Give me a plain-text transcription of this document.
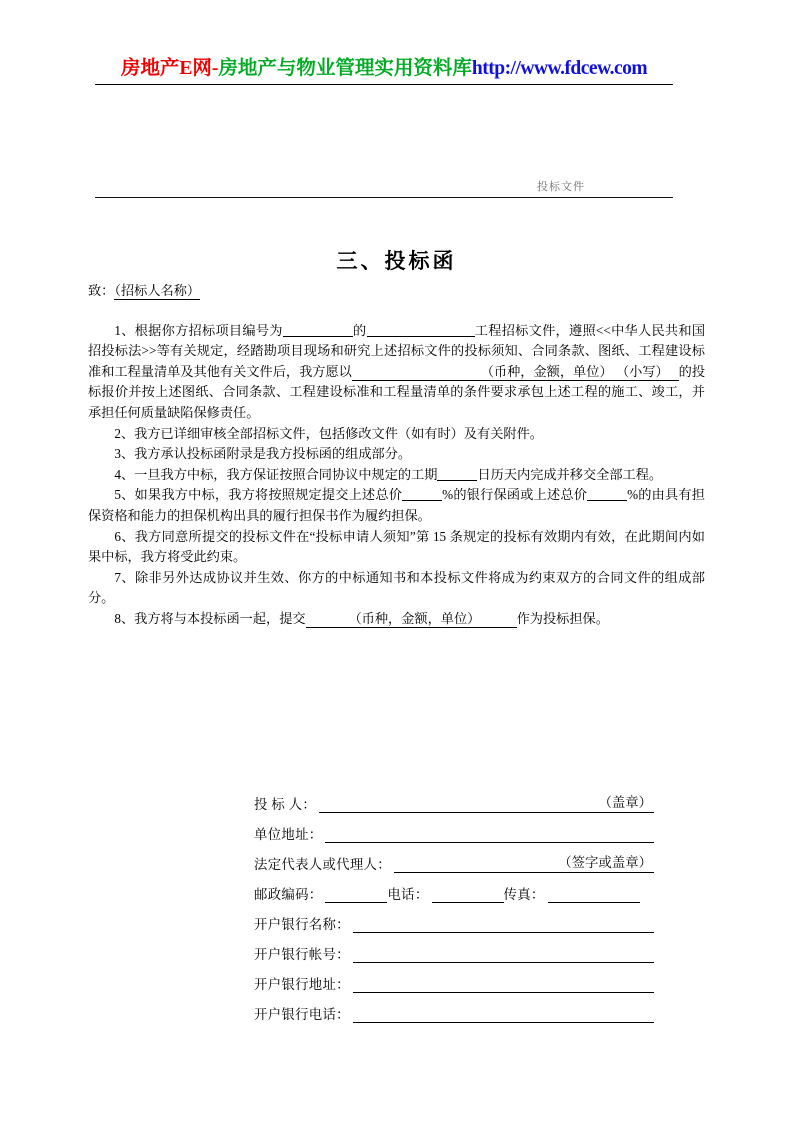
房地产E网-房地产与物业管理实用资料库http://www.fdcew.com
投标文件
三、投标函

致：（招标人名称）

1、根据你方招标项目编号为	的	工程招标文件，遵照<<中华人民共和国招投标法>>等有关规定，经踏勘项目现场和研究上述招标文件的投标须知、合同条款、图纸、工程建设标准和工程量清单及其他有关文件后，我方愿以	（币种，金额，单位） （小写） 的投标报价并按上述图纸、合同条款、工程建设标准和工程量清单的条件要求承包上述工程的施工、竣工，并承担任何质量缺陷保修责任。

2、我方已详细审核全部招标文件，包括修改文件（如有时）及有关附件。

3、我方承认投标函附录是我方投标函的组成部分。

4、一旦我方中标，我方保证按照合同协议中规定的工期	日历天内完成并移交全部工程。

5、如果我方中标，我方将按照规定提交上述总价	%的银行保函或上述总价	%的由具有担保资格和能力的担保机构出具的履行担保书作为履约担保。

6、我方同意所提交的投标文件在“投标申请人须知”第 15 条规定的投标有效期内有效，在此期间内如果中标，我方将受此约束。

7、除非另外达成协议并生效、你方的中标通知书和本投标文件将成为约束双方的合同文件的组成部分。

8、我方将与本投标函一起，提交	（币种，金额，单位）	作为投标担保。

投 标 人：	（盖章）
单位地址：
法定代表人或代理人：	（签字或盖章）
邮政编码：	电话：	传真：
开户银行名称：
开户银行帐号：
开户银行地址：
开户银行电话：
